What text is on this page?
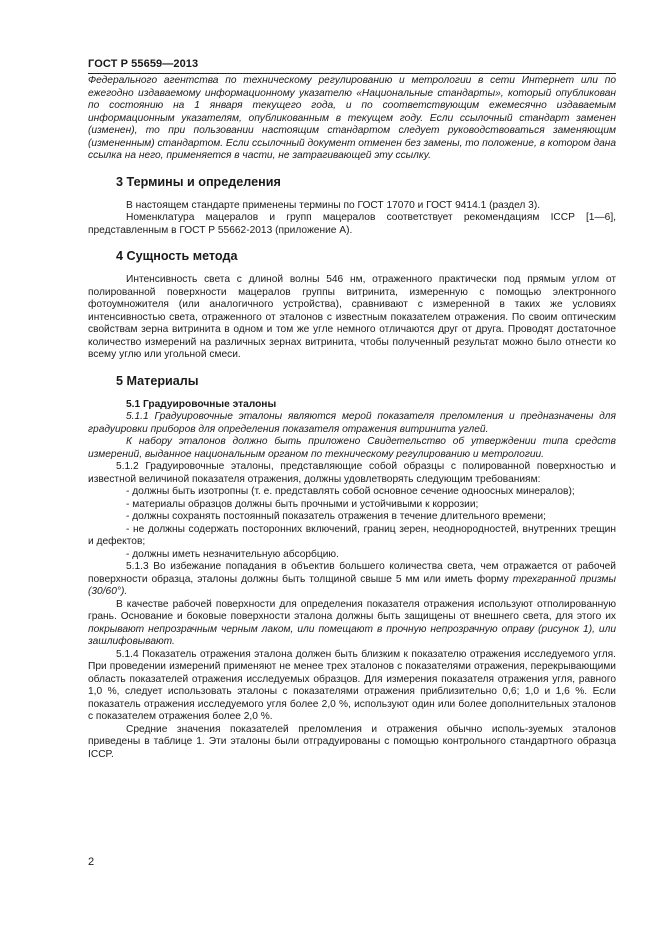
ГОСТ Р 55659—2013

Федерального агентства по техническому регулированию и метрологии в сети Интернет или по ежегодно издаваемому информационному указателю «Национальные стандарты», который опубликован по состоянию на 1 января текущего года, и по соответствующим ежемесячно издаваемым информационным указателям, опубликованным в текущем году. Если ссылочный стандарт заменен (изменен), то при пользовании настоящим стандартом следует руководствоваться заменяющим (измененным) стандартом. Если ссылочный документ отменен без замены, то положение, в котором дана ссылка на него, применяется в части, не затрагивающей эту ссылку.

3 Термины и определения

В настоящем стандарте применены термины по ГОСТ 17070 и ГОСТ 9414.1 (раздел 3).

Номенклатура мацералов и групп мацералов соответствует рекомендациям ICCP [1—6], представленным в ГОСТ Р 55662-2013 (приложение А).

4 Сущность метода

Интенсивность света с длиной волны 546 нм, отраженного практически под прямым углом от полированной поверхности мацералов группы витринита, измеренную с помощью электронного фотоумножителя (или аналогичного устройства), сравнивают с измеренной в таких же условиях интенсивностью света, отраженного от эталонов с известным показателем отражения. По своим оптическим свойствам зерна витринита в одном и том же угле немного отличаются друг от друга. Проводят достаточное количество измерений на различных зернах витринита, чтобы полученный результат можно было отнести ко всему углю или угольной смеси.

5 Материалы

5.1 Градуировочные эталоны

5.1.1 Градуировочные эталоны являются мерой показателя преломления и предназначены для градуировки приборов для определения показателя отражения витринита углей.

К набору эталонов должно быть приложено Свидетельство об утверждении типа средств измерений, выданное национальным органом по техническому регулированию и метрологии.

5.1.2 Градуировочные эталоны, представляющие собой образцы с полированной поверхностью и известной величиной показателя отражения, должны удовлетворять следующим требованиям:

- должны быть изотропны (т. е. представлять собой основное сечение одноосных минералов);

- материалы образцов должны быть прочными и устойчивыми к коррозии;

- должны сохранять постоянный показатель отражения в течение длительного времени;

- не должны содержать посторонних включений, границ зерен, неоднородностей, внутренних трещин и дефектов;

- должны иметь незначительную абсорбцию.

5.1.3 Во избежание попадания в объектив большего количества света, чем отражается от рабочей поверхности образца, эталоны должны быть толщиной свыше 5 мм или иметь форму трехгранной призмы (30/60°).

В качестве рабочей поверхности для определения показателя отражения используют отполированную грань. Основание и боковые поверхности эталона должны быть защищены от внешнего света, для этого их покрывают непрозрачным черным лаком, или помещают в прочную непрозрачную оправу (рисунок 1), или зашлифовывают.

5.1.4 Показатель отражения эталона должен быть близким к показателю отражения исследуемого угля. При проведении измерений применяют не менее трех эталонов с показателями отражения, перекрывающими область показателей отражения исследуемых образцов. Для измерения показателя отражения угля, равного 1,0 %, следует использовать эталоны с показателями отражения приблизительно 0,6; 1,0 и 1,6 %. Если показатель отражения исследуемого угля более 2,0 %, используют один или более дополнительных эталонов с показателем отражения более 2,0 %.

Средние значения показателей преломления и отражения обычно исполь-зуемых эталонов приведены в таблице 1. Эти эталоны были отградуированы с помощью контрольного стандартного образца ICCP.

2
